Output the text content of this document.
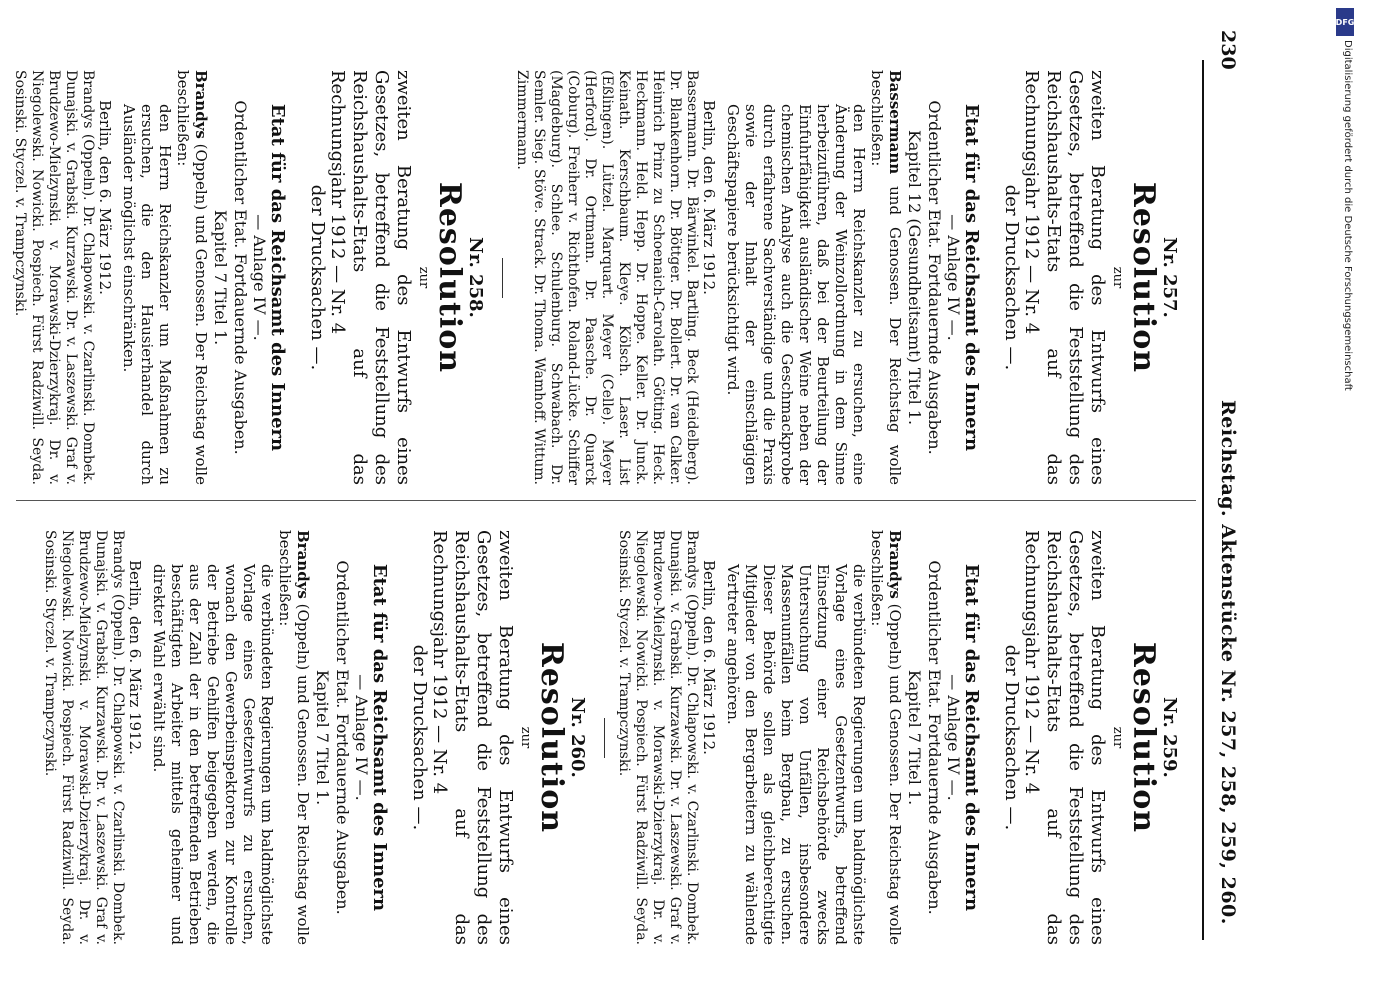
230
Reichstag. Aktenstücke Nr. 257, 258, 259, 260.
Nr. 257.
Resolution
zur

zweiten Beratung des Entwurfs eines Gesetzes, betreffend die Feststellung des Reichshaushalts-Etats auf das Rechnungsjahr 1912 — Nr. 4

der Drucksachen —.
Etat für das Reichsamt des Innern
— Anlage IV —.

Ordentlicher Etat. Fortdauernde Ausgaben. Kapitel 12 (Gesundheitsamt) Titel 1.

Bassermann und Genossen. Der Reichstag wolle beschließen:
den Herrn Reichskanzler zu ersuchen, eine Änderung der Weinzollordnung in dem Sinne herbeizuführen, daß bei der Beurteilung der Einfuhrfähigkeit ausländischer Weine neben der chemischen Analyse auch die Geschmackprobe durch erfahrene Sachverständige und die Praxis sowie der Inhalt der einschlägigen Geschäftspapiere berücksichtigt wird.

Berlin, den 6. März 1912.

Bassermann. Dr. Bärwinkel. Bartling. Beck (Heidelberg). Dr. Blankenhorn. Dr. Böttger. Dr. Bollert. Dr. van Calker. Heinrich Prinz zu Schoenaich-Carolath. Götting. Heck. Heckmann. Held. Hepp. Dr. Hoppe. Keller. Dr. Junck. Keinath. Kerschbaum. Kleye. Kölsch. Laser. List (Eßlingen). Lützel. Marquart. Meyer (Celle). Meyer (Herford). Dr. Ortmann. Dr. Paasche. Dr. Quarck (Coburg). Freiherr v. Richthofen. Roland-Lücke. Schiffer (Magdeburg). Schlee. Schulenburg. Schwabach. Dr. Semler. Sieg. Stöve. Strack. Dr. Thoma. Wamhoff. Wittum. Zimmermann.

Nr. 258.
Resolution
zur

zweiten Beratung des Entwurfs eines Gesetzes, betreffend die Feststellung des Reichshaushalts-Etats auf das Rechnungsjahr 1912 — Nr. 4

der Drucksachen —.
Etat für das Reichsamt des Innern
— Anlage IV —.

Ordentlicher Etat. Fortdauernde Ausgaben. Kapitel 7 Titel 1.

Brandys (Oppeln) und Genossen. Der Reichstag wolle beschließen:
den Herrn Reichskanzler um Maßnahmen zu ersuchen, die den Hausierhandel durch Ausländer möglichst einschränken.

Berlin, den 6. März 1912.

Brandys (Oppeln). Dr. Chlapowski. v. Czarlinski. Dombek. Dunajski. v. Grabski. Kurzawski. Dr. v. Laszewski. Graf v. Brudzewo-Mielzynski. v. Morawski-Dzierzykraj. Dr. v. Niegolewski. Nowicki. Pospiech. Fürst Radziwill. Seyda. Sosinski. Styczel. v. Trampczynski.

Nr. 259.
Resolution
zur

zweiten Beratung des Entwurfs eines Gesetzes, betreffend die Feststellung des Reichshaushalts-Etats auf das Rechnungsjahr 1912 — Nr. 4

der Drucksachen —.
Etat für das Reichsamt des Innern
— Anlage IV —.

Ordentlicher Etat. Fortdauernde Ausgaben. Kapitel 7 Titel 1.

Brandys (Oppeln) und Genossen. Der Reichstag wolle beschließen:
die verbündeten Regierungen um baldmöglichste Vorlage eines Gesetzentwurfs, betreffend Einsetzung einer Reichsbehörde zwecks Untersuchung von Unfällen, insbesondere Massenunfällen beim Bergbau, zu ersuchen. Dieser Behörde sollen als gleichberechtigte Mitglieder von den Bergarbeitern zu wählende Vertreter angehören.

Berlin, den 6. März 1912.

Brandys (Oppeln). Dr. Chlapowski. v. Czarlinski. Dombek. Dunajski. v. Grabski. Kurzawski. Dr. v. Laszewski. Graf v. Brudzewo-Mielzynski. v. Morawski-Dzierzykraj. Dr. v. Niegolewski. Nowicki. Pospiech. Fürst Radziwill. Seyda. Sosinski. Styczel. v. Trampczynski.

Nr. 260.
Resolution
zur

zweiten Beratung des Entwurfs eines Gesetzes, betreffend die Feststellung des Reichshaushalts-Etats auf das Rechnungsjahr 1912 — Nr. 4

der Drucksachen —.
Etat für das Reichsamt des Innern
— Anlage IV —.

Ordentlicher Etat. Fortdauernde Ausgaben. Kapitel 7 Titel 1.

Brandys (Oppeln) und Genossen. Der Reichstag wolle beschließen:
die verbündeten Regierungen um baldmöglichste Vorlage eines Gesetzentwurfs zu ersuchen, wonach den Gewerbeinspektoren zur Kontrolle der Betriebe Gehilfen beigegeben werden, die aus der Zahl der in den betreffenden Betrieben beschäftigten Arbeiter mittels geheimer und direkter Wahl erwählt sind.

Berlin, den 6. März 1912.

Brandys (Oppeln). Dr. Chlapowski. v. Czarlinski. Dombek. Dunajski. v. Grabski. Kurzawski. Dr. v. Laszewski. Graf v. Brudzewo-Mielzynski. v. Morawski-Dzierzykraj. Dr. v. Niegolewski. Nowicki. Pospiech. Fürst Radziwill. Seyda. Sosinski. Styczel. v. Trampczynski.

DFG
Digitalisierung gefördert durch die Deutsche Forschungsgemeinschaft
